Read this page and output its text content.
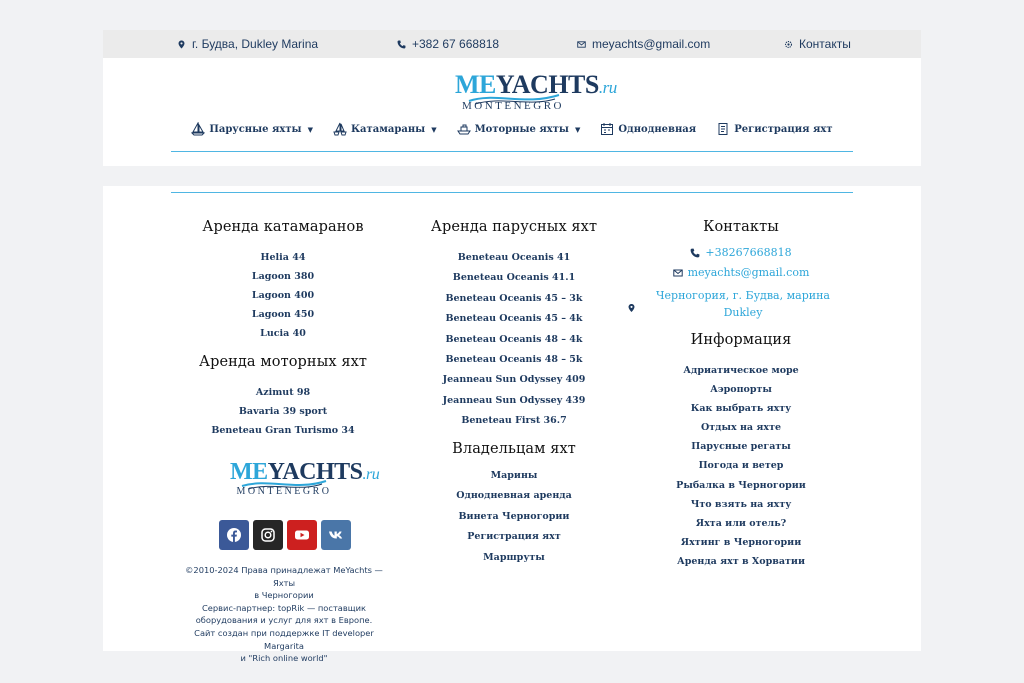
г. Будва, Dukley Marina	+382 67 668818	meyachts@gmail.com	Контакты
MEYACHTS.ru
MONTENEGRO
Парусные яхты ▼	Катамараны ▼	Моторные яхты ▼	Однодневная	Регистрация яхт
Аренда катамаранов
Helia 44
Lagoon 380
Lagoon 400
Lagoon 450
Lucia 40
Аренда моторных яхт
Azimut 98
Bavaria 39 sport
Beneteau Gran Turismo 34
MEYACHTS.ru
MONTENEGRO
©2010-2024 Права принадлежат MeYachts — Яхты
в Черногории
Сервис-партнер: topRik — поставщик
оборудования и услуг для яхт в Европе.
Сайт создан при поддержке IT developer Margarita
и "Rich online world"
Аренда парусных яхт
Beneteau Oceanis 41
Beneteau Oceanis 41.1
Beneteau Oceanis 45 – 3k
Beneteau Oceanis 45 – 4k
Beneteau Oceanis 48 – 4k
Beneteau Oceanis 48 – 5k
Jeanneau Sun Odyssey 409
Jeanneau Sun Odyssey 439
Beneteau First 36.7
Владельцам яхт
Марины
Однодневная аренда
Винета Черногории
Регистрация яхт
Маршруты
Контакты
+38267668818
meyachts@gmail.com
Черногория, г. Будва, марина
Dukley
Информация
Адриатическое море
Аэропорты
Как выбрать яхту
Отдых на яхте
Парусные регаты
Погода и ветер
Рыбалка в Черногории
Что взять на яхту
Яхта или отель?
Яхтинг в Черногории
Аренда яхт в Хорватии
